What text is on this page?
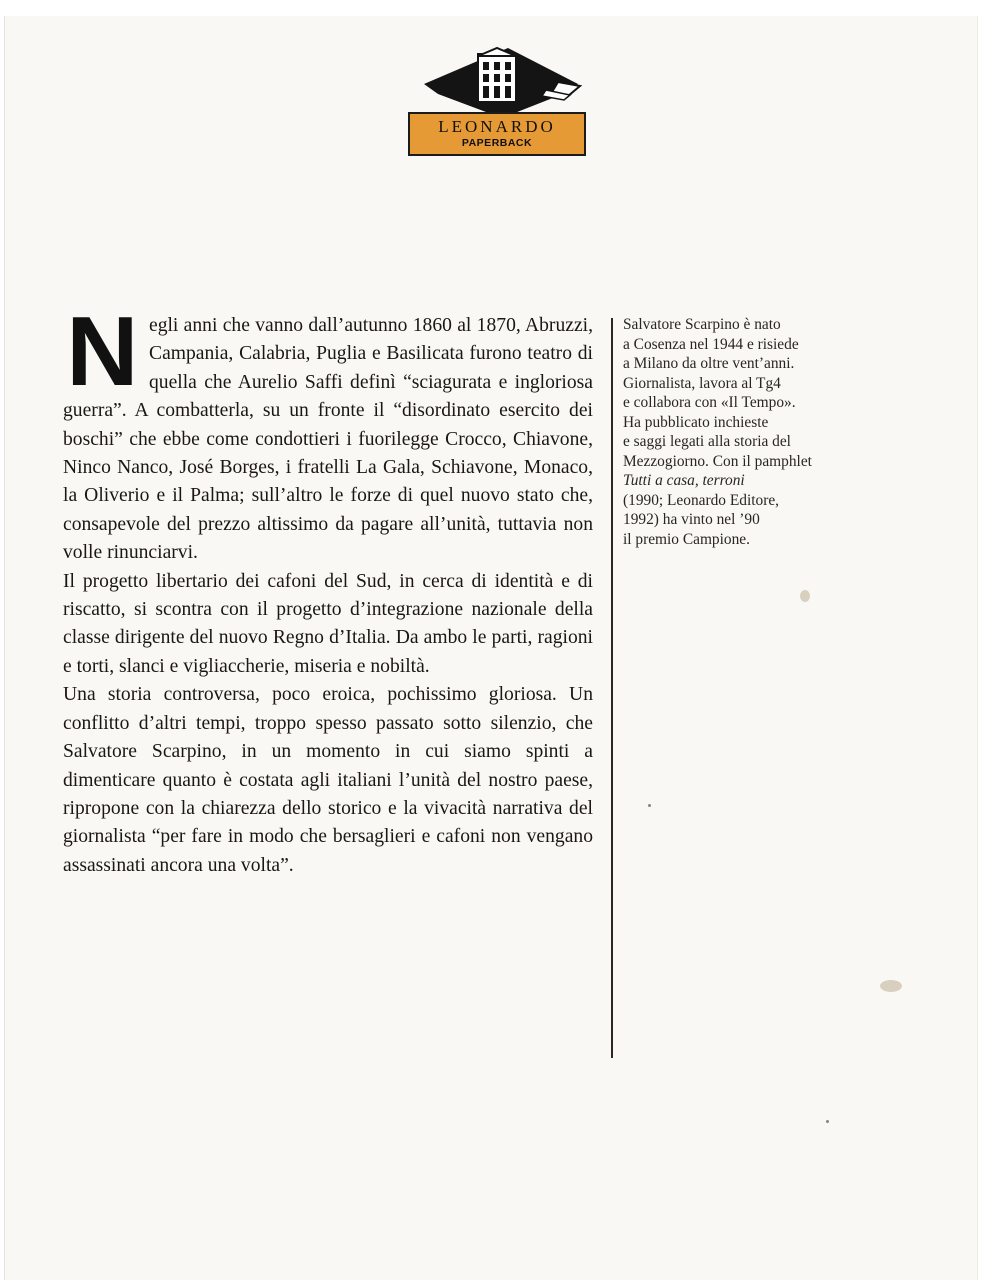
LEONARDO
PAPERBACK

Negli anni che vanno dall’autunno 1860 al 1870, Abruzzi, Campania, Calabria, Puglia e Basilicata furono teatro di quella che Aurelio Saffi definì “sciagurata e ingloriosa guerra”. A combatterla, su un fronte il “disordinato esercito dei boschi” che ebbe come condottieri i fuorilegge Crocco, Chiavone, Ninco Nanco, José Borges, i fratelli La Gala, Schiavone, Monaco, la Oliverio e il Palma; sull’altro le forze di quel nuovo stato che, consapevole del prezzo altissimo da pagare all’unità, tuttavia non volle rinunciarvi.

Il progetto libertario dei cafoni del Sud, in cerca di identità e di riscatto, si scontra con il progetto d’integrazione nazionale della classe dirigente del nuovo Regno d’Italia. Da ambo le parti, ragioni e torti, slanci e vigliaccherie, miseria e nobiltà.

Una storia controversa, poco eroica, pochissimo gloriosa. Un conflitto d’altri tempi, troppo spesso passato sotto silenzio, che Salvatore Scarpino, in un momento in cui siamo spinti a dimenticare quanto è costata agli italiani l’unità del nostro paese, ripropone con la chiarezza dello storico e la vivacità narrativa del giornalista “per fare in modo che bersaglieri e cafoni non vengano assassinati ancora una volta”.

Salvatore Scarpino è nato
a Cosenza nel 1944 e risiede
a Milano da oltre vent’anni.
Giornalista, lavora al Tg4
e collabora con «Il Tempo».
Ha pubblicato inchieste
e saggi legati alla storia del
Mezzogiorno. Con il pamphlet
Tutti a casa, terroni
(1990; Leonardo Editore,
1992) ha vinto nel ’90
il premio Campione.
